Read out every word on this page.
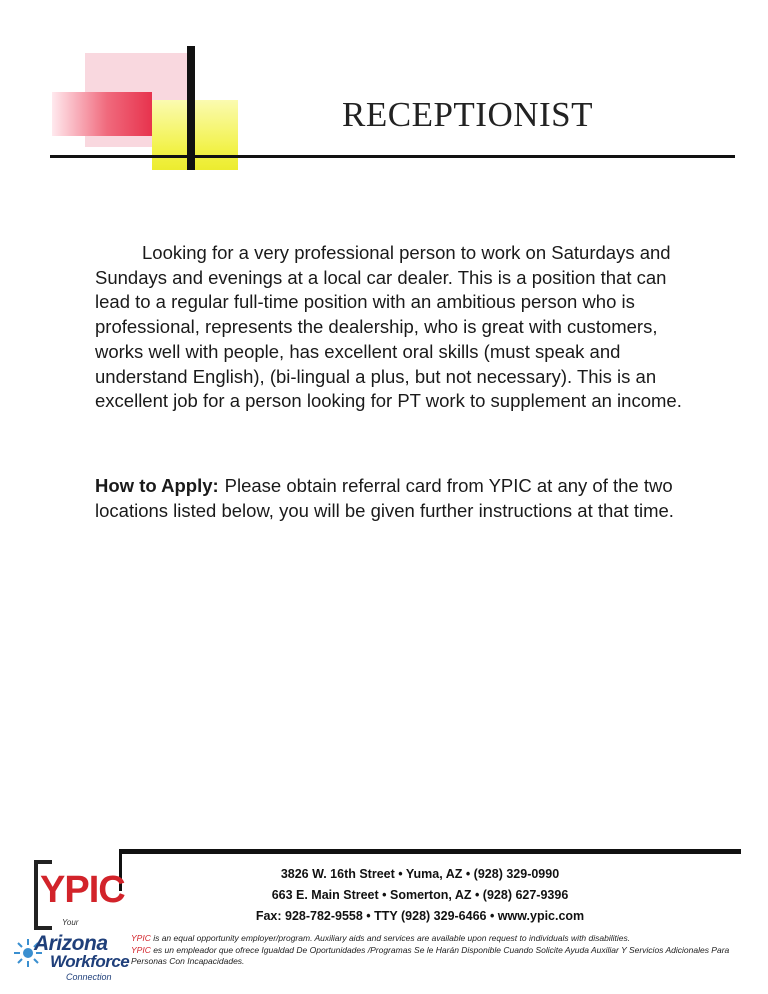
RECEPTIONIST

Looking for a very professional person to work on Saturdays and Sundays and evenings at a local car dealer. This is a position that can lead to a regular full-time position with an ambitious person who is professional, represents the dealership, who is great with customers, works well with people, has excellent oral skills (must speak and understand English), (bi-lingual a plus, but not necessary). This is an excellent job for a person looking for PT work to supplement an income.

How to Apply: Please obtain referral card from YPIC at any of the two locations listed below, you will be given further instructions at that time.

3826 W. 16th Street • Yuma, AZ • (928) 329-0990

663 E. Main Street • Somerton, AZ • (928) 627-9396

Fax: 928-782-9558 • TTY (928) 329-6466 • www.ypic.com

YPIC is an equal opportunity employer/program. Auxiliary aids and services are available upon request to individuals with disabilities.
YPIC es un empleador que ofrece Igualdad De Oportunidades /Programas Se le Harán Disponible Cuando Solicite Ayuda Auxiliar Y Servicios Adicionales Para Personas Con Incapacidades.

YPIC
Your
Arizona
Workforce
Connection
